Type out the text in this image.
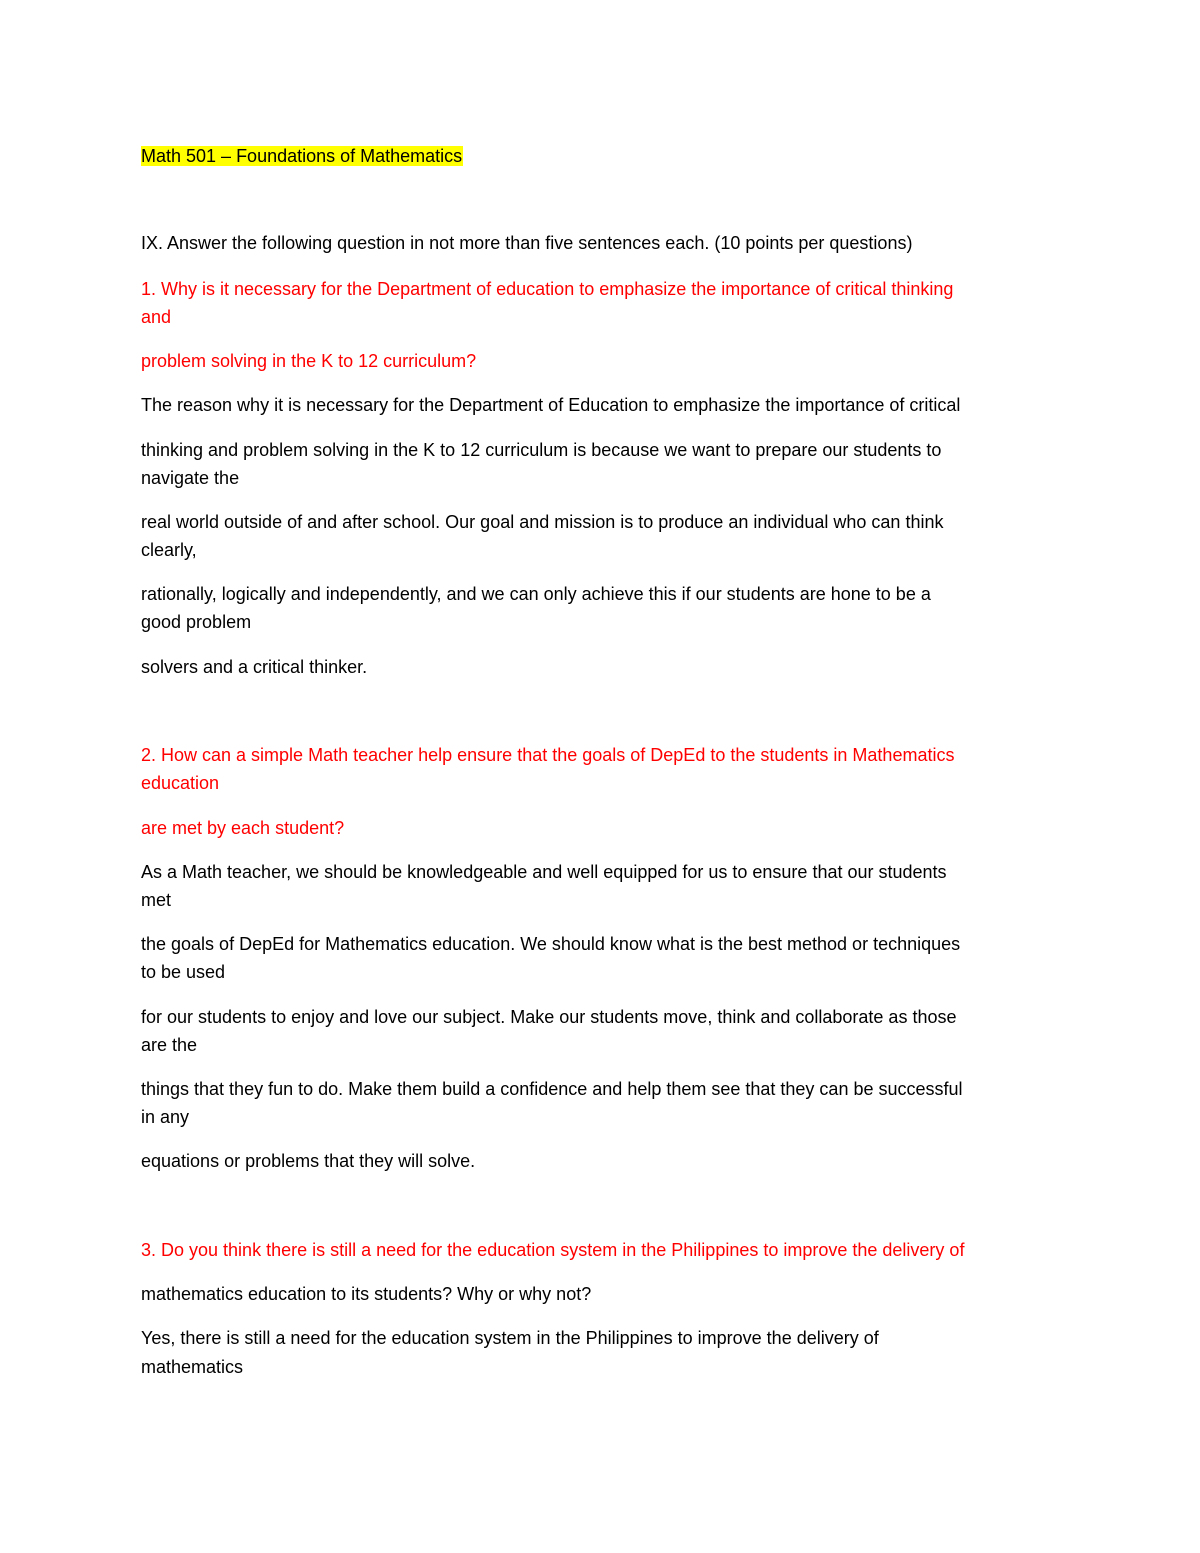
Math 501 – Foundations of Mathematics

IX. Answer the following question in not more than five sentences each. (10 points per questions)

1. Why is it necessary for the Department of education to emphasize the importance of critical thinking

and

problem solving in the K to 12 curriculum?

The reason why it is necessary for the Department of Education to emphasize the importance of critical

thinking and problem solving in the K to 12 curriculum is because we want to prepare our students to

navigate the

real world outside of and after school. Our goal and mission is to produce an individual who can think

clearly,

rationally, logically and independently, and we can only achieve this if our students are hone to be a

good problem

solvers and a critical thinker.

2. How can a simple Math teacher help ensure that the goals of DepEd to the students in Mathematics

education

are met by each student?

As a Math teacher, we should be knowledgeable and well equipped for us to ensure that our students

met

the goals of DepEd for Mathematics education. We should know what is the best method or techniques

to be used

for our students to enjoy and love our subject. Make our students move, think and collaborate as those

are the

things that they fun to do. Make them build a confidence and help them see that they can be successful

in any

equations or problems that they will solve.

3. Do you think there is still a need for the education system in the Philippines to improve the delivery of

mathematics education to its students? Why or why not?

Yes, there is still a need for the education system in the Philippines to improve the delivery of

mathematics
